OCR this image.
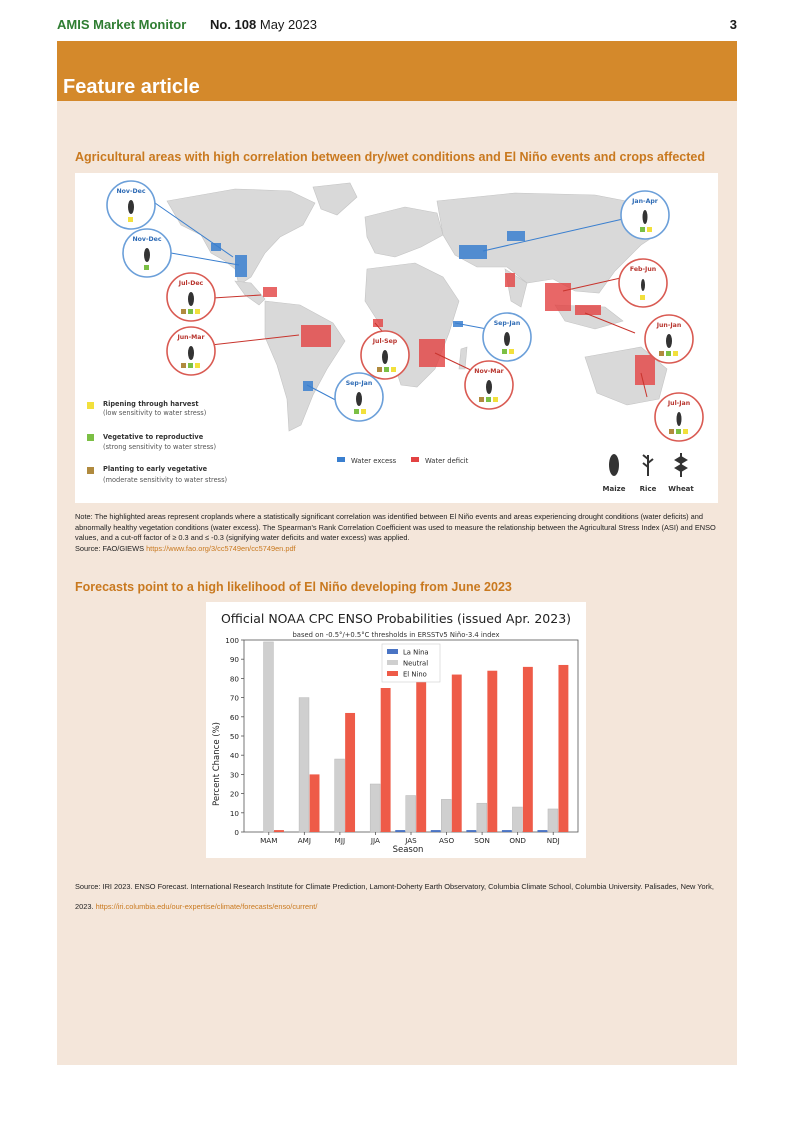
AMIS Market Monitor No. 108 May 2023	3
Feature article
Agricultural areas with high correlation between dry/wet conditions and El Niño events and crops affected
Nov-Dec
Nov-Dec
Jul-Dec
Jun-Mar
Sep-Jan
Jul-Sep
Sep-Jan
Nov-Mar
Jan-Apr
Feb-Jun
Jun-Jan
Jul-Jan
Ripening through harvest
(low sensitivity to water stress)
Vegetative to reproductive
(strong sensitivity to water stress)
Planting to early vegetative
(moderate sensitivity to water stress)
Water excess	Water deficit
Maize Rice Wheat
Note: The highlighted areas represent croplands where a statistically significant correlation was identified between El Niño events and areas experiencing drought conditions (water deficits) and abnormally healthy vegetation conditions (water excess). The Spearman's Rank Correlation Coefficient was used to measure the relationship between the Agricultural Stress Index (ASI) and ENSO values, and a cut-off factor of ≥ 0.3 and ≤ -0.3 (signifying water deficits and water excess) was applied.
Source: FAO/GIEWS https://www.fao.org/3/cc5749en/cc5749en.pdf
Forecasts point to a high likelihood of El Niño developing from June 2023
Official NOAA CPC ENSO Probabilities (issued Apr. 2023)
based on -0.5°/+0.5°C thresholds in ERSSTv5 Niño-3.4 index
Percent Chance (%)
Season
0
10
20
30
40
50
60
70
80
90
100
MAM	AMJ	MJJ	JJA	JAS	ASO	SON	OND	NDJ
La Nina
Neutral
El Nino
Source: IRI 2023. ENSO Forecast. International Research Institute for Climate Prediction, Lamont-Doherty Earth Observatory, Columbia Climate School, Columbia University. Palisades, New York, 2023. https://iri.columbia.edu/our-expertise/climate/forecasts/enso/current/
